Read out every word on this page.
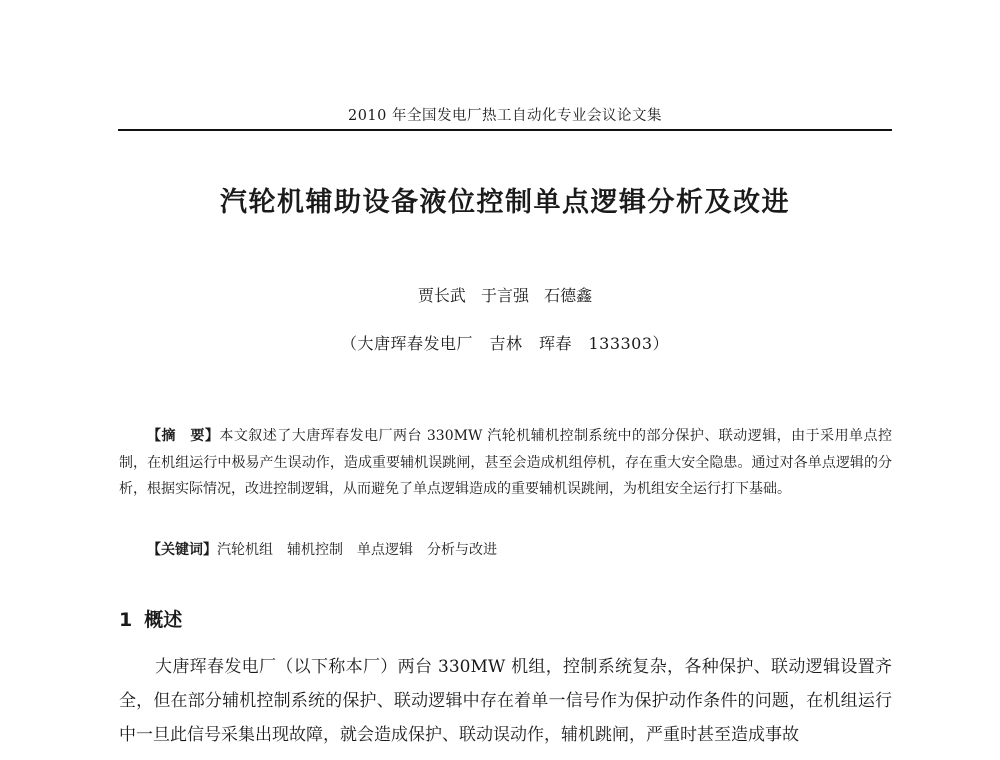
2010 年全国发电厂热工自动化专业会议论文集
汽轮机辅助设备液位控制单点逻辑分析及改进
贾长武 于言强 石德鑫
（大唐珲春发电厂　吉林　珲春　133303）
【摘　要】本文叙述了大唐珲春发电厂两台 330MW 汽轮机辅机控制系统中的部分保护、联动逻辑，由于采用单点控制，在机组运行中极易产生误动作，造成重要辅机误跳闸，甚至会造成机组停机，存在重大安全隐患。通过对各单点逻辑的分析，根据实际情况，改进控制逻辑，从而避免了单点逻辑造成的重要辅机误跳闸，为机组安全运行打下基础。
【关键词】汽轮机组 辅机控制 单点逻辑 分析与改进
1 概述
大唐珲春发电厂（以下称本厂）两台 330MW 机组，控制系统复杂，各种保护、联动逻辑设置齐全，但在部分辅机控制系统的保护、联动逻辑中存在着单一信号作为保护动作条件的问题，在机组运行中一旦此信号采集出现故障，就会造成保护、联动误动作，辅机跳闸，严重时甚至造成事故
